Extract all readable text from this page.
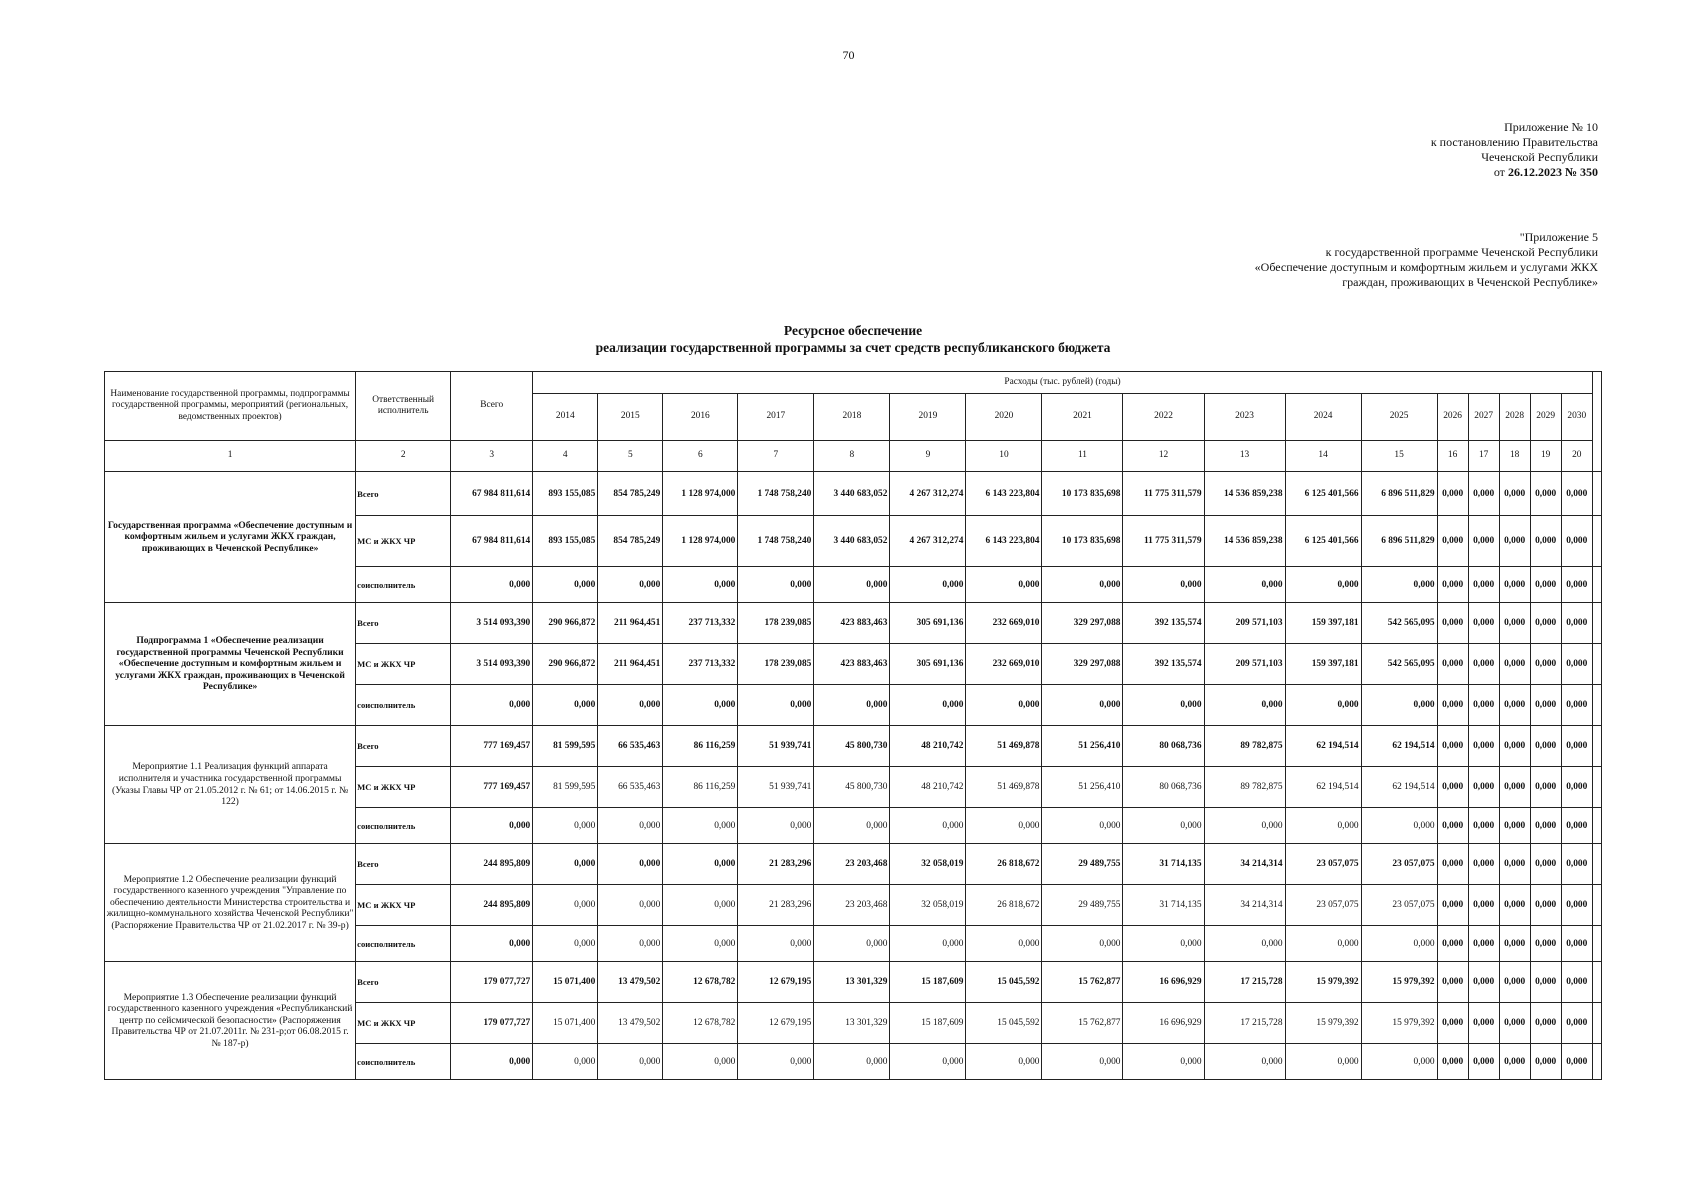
70
Приложение № 10
к постановлению Правительства
Чеченской Республики
от 26.12.2023 № 350
"Приложение 5
к государственной программе Чеченской Республики
«Обеспечение доступным и комфортным жильем и услугами ЖКХ
граждан, проживающих в Чеченской Республике»
Ресурсное обеспечение
реализации государственной программы за счет средств республиканского бюджета
Наименование государственной программы, подпрограммы государственной программы, мероприятий (региональных, ведомственных проектов)	Ответственный исполнитель	Всего	Расходы (тыс. рублей) (годы)																	
			2014	2015	2016	2017	2018	2019	2020	2021	2022	2023	2024	2025	2026	2027	2028	2029	2030	
1	2	3	4	5	6	7	8	9	10	11	12	13	14	15	16	17	18	19	20	
Государственная программа «Обеспечение доступным и комфортным жильем и услугами ЖКХ граждан, проживающих в Чеченской Республике»	Всего	67 984 811,614	893 155,085	854 785,249	1 128 974,000	1 748 758,240	3 440 683,052	4 267 312,274	6 143 223,804	10 173 835,698	11 775 311,579	14 536 859,238	6 125 401,566	6 896 511,829	0,000	0,000	0,000	0,000	0,000	
	МС и ЖКХ ЧР	67 984 811,614	893 155,085	854 785,249	1 128 974,000	1 748 758,240	3 440 683,052	4 267 312,274	6 143 223,804	10 173 835,698	11 775 311,579	14 536 859,238	6 125 401,566	6 896 511,829	0,000	0,000	0,000	0,000	0,000	
	соисполнитель	0,000	0,000	0,000	0,000	0,000	0,000	0,000	0,000	0,000	0,000	0,000	0,000	0,000	0,000	0,000	0,000	0,000	0,000	
Подпрограмма 1 «Обеспечение реализации государственной программы Чеченской Республики «Обеспечение доступным и комфортным жильем и услугами ЖКХ граждан, проживающих в Чеченской Республике»	Всего	3 514 093,390	290 966,872	211 964,451	237 713,332	178 239,085	423 883,463	305 691,136	232 669,010	329 297,088	392 135,574	209 571,103	159 397,181	542 565,095	0,000	0,000	0,000	0,000	0,000	
	МС и ЖКХ ЧР	3 514 093,390	290 966,872	211 964,451	237 713,332	178 239,085	423 883,463	305 691,136	232 669,010	329 297,088	392 135,574	209 571,103	159 397,181	542 565,095	0,000	0,000	0,000	0,000	0,000	
	соисполнитель	0,000	0,000	0,000	0,000	0,000	0,000	0,000	0,000	0,000	0,000	0,000	0,000	0,000	0,000	0,000	0,000	0,000	0,000	
Мероприятие 1.1 Реализация функций аппарата исполнителя и участника государственной программы (Указы Главы ЧР от 21.05.2012 г. № 61; от 14.06.2015 г. № 122)	Всего	777 169,457	81 599,595	66 535,463	86 116,259	51 939,741	45 800,730	48 210,742	51 469,878	51 256,410	80 068,736	89 782,875	62 194,514	62 194,514	0,000	0,000	0,000	0,000	0,000	
	МС и ЖКХ ЧР	777 169,457	81 599,595	66 535,463	86 116,259	51 939,741	45 800,730	48 210,742	51 469,878	51 256,410	80 068,736	89 782,875	62 194,514	62 194,514	0,000	0,000	0,000	0,000	0,000	
	соисполнитель	0,000	0,000	0,000	0,000	0,000	0,000	0,000	0,000	0,000	0,000	0,000	0,000	0,000	0,000	0,000	0,000	0,000	0,000	
Мероприятие 1.2 Обеспечение реализации функций государственного казенного учреждения "Управление по обеспечению деятельности Министерства строительства и жилищно-коммунального хозяйства Чеченской Республики" (Распоряжение Правительства ЧР от 21.02.2017 г. № 39-р)	Всего	244 895,809	0,000	0,000	0,000	21 283,296	23 203,468	32 058,019	26 818,672	29 489,755	31 714,135	34 214,314	23 057,075	23 057,075	0,000	0,000	0,000	0,000	0,000	
	МС и ЖКХ ЧР	244 895,809	0,000	0,000	0,000	21 283,296	23 203,468	32 058,019	26 818,672	29 489,755	31 714,135	34 214,314	23 057,075	23 057,075	0,000	0,000	0,000	0,000	0,000	
	соисполнитель	0,000	0,000	0,000	0,000	0,000	0,000	0,000	0,000	0,000	0,000	0,000	0,000	0,000	0,000	0,000	0,000	0,000	0,000	
Мероприятие 1.3 Обеспечение реализации функций государственного казенного учреждения «Республиканский центр по сейсмической безопасности» (Распоряжения Правительства ЧР от 21.07.2011г. № 231-р;от 06.08.2015 г. № 187-р)	Всего	179 077,727	15 071,400	13 479,502	12 678,782	12 679,195	13 301,329	15 187,609	15 045,592	15 762,877	16 696,929	17 215,728	15 979,392	15 979,392	0,000	0,000	0,000	0,000	0,000	
	МС и ЖКХ ЧР	179 077,727	15 071,400	13 479,502	12 678,782	12 679,195	13 301,329	15 187,609	15 045,592	15 762,877	16 696,929	17 215,728	15 979,392	15 979,392	0,000	0,000	0,000	0,000	0,000	
	соисполнитель	0,000	0,000	0,000	0,000	0,000	0,000	0,000	0,000	0,000	0,000	0,000	0,000	0,000	0,000	0,000	0,000	0,000	0,000	
